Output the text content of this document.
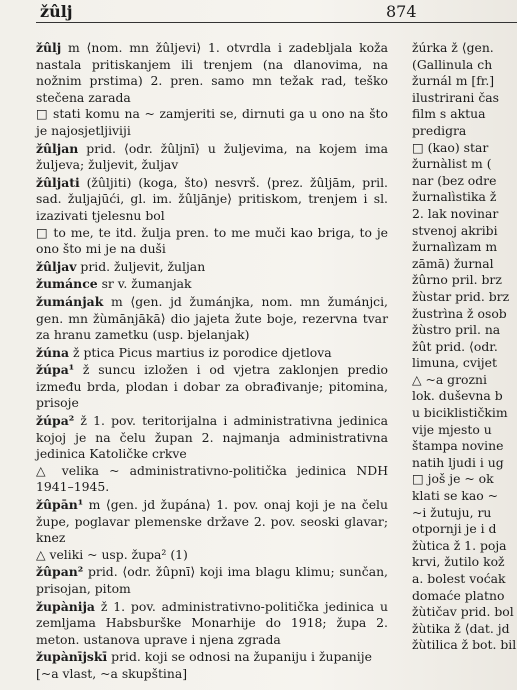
žûlj	874
žûlj m ⟨nom. mn žûljevi⟩ 1. otvrdla i zadebljala koža nastala pritiskanjem ili trenjem (na dlanovima, na nožnim prstima) 2. pren. samo mn težak rad, teško stečena zarada
□ stati komu na ~ zamjeriti se, dirnuti ga u ono na što je najosjetljiviji
žûljan prid. ⟨odr. žûljnī⟩ u žuljevima, na kojem ima žuljeva; žuljevit, žuljav
žûljati (žûljiti) (koga, što) nesvrš. ⟨prez. žûljām, pril. sad. žuljajūći, gl. im. žûljānje⟩ pritiskom, trenjem i sl. izazivati tjelesnu bol
□ to me, te itd. žulja pren. to me muči kao briga, to je ono što mi je na duši
žûljav prid. žuljevit, žuljan
žumánce sr v. žumanjak
žumánjak m ⟨gen. jd žumánjka, nom. mn žumánjci, gen. mn žùmānjākā⟩ dio jajeta žute boje, rezervna tvar za hranu zametku (usp. bjelanjak)
žúna ž ptica Picus martius iz porodice djetlova
žúpa¹ ž suncu izložen i od vjetra zaklonjen predio između brda, plodan i dobar za obrađivanje; pitomina, prisoje
žúpa² ž 1. pov. teritorijalna i administrativna jedinica kojoj je na čelu župan 2. najmanja administrativna jedinica Katoličke crkve
△ velika ~ administrativno-politička jedinica NDH 1941–1945.
žûpān¹ m ⟨gen. jd župána⟩ 1. pov. onaj koji je na čelu župe, poglavar plemenske države 2. pov. seoski glavar; knez
△ veliki ~ usp. župa² (1)
žûpan² prid. ⟨odr. žûpnī⟩ koji ima blagu klimu; sunčan, prisojan, pitom
župànija ž 1. pov. administrativno-politička jedinica u zemljama Habsburške Monarhije do 1918; župa 2. meton. ustanova uprave i njena zgrada
župànījskī prid. koji se odnosi na županiju i županije
[~a vlast, ~a skupština]
žúrka ž ⟨gen.
(Gallinula ch
žurnál m [fr.]
ilustrirani čas
film s aktua
predigra
□ (kao) star
žurnàlist m (
nar (bez odre
žurnalìstika ž
2. lak novinar
stvenoj akribi
žurnalìzam m
zāmā) žurnal
žûrno pril. brz
žùstar prid. brz
žustrìna ž osob
žùstro pril. na
žût prid. ⟨odr.
limuna, cvijet
△ ~a grozni
lok. duševna b
u biciklističkim
vije mjesto u
štampa novine
natih ljudi i ug
□ još je ~ ok
klati se kao ~
~i žutuju, ru
otpornji je i d
žùtica ž 1. poja
krvi, žutilo kož
a. bolest voćak
domaće platno
žùtičav prid. bol
žùtika ž ⟨dat. jd
žùtilica ž bot. bil
